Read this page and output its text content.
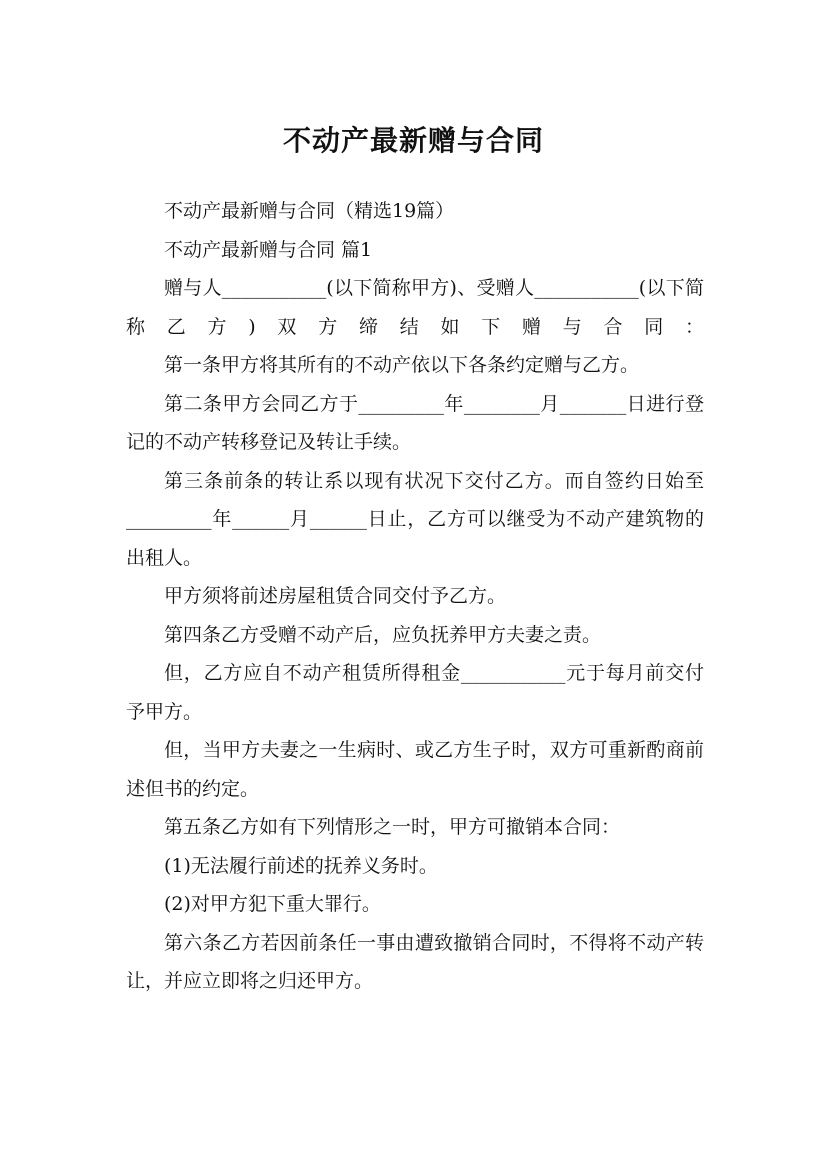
不动产最新赠与合同

不动产最新赠与合同（精选19篇）

不动产最新赠与合同 篇1

赠与人___________(以下简称甲方)、受赠人___________(以下简称乙方)双方缔结如下赠与合同：

第一条甲方将其所有的不动产依以下各条约定赠与乙方。

第二条甲方会同乙方于_________年________月_______日进行登记的不动产转移登记及转让手续。

第三条前条的转让系以现有状况下交付乙方。而自签约日始至_________年______月______日止，乙方可以继受为不动产建筑物的出租人。

甲方须将前述房屋租赁合同交付予乙方。

第四条乙方受赠不动产后，应负抚养甲方夫妻之责。

但，乙方应自不动产租赁所得租金___________元于每月前交付予甲方。

但，当甲方夫妻之一生病时、或乙方生子时，双方可重新酌商前述但书的约定。

第五条乙方如有下列情形之一时，甲方可撤销本合同：

(1)无法履行前述的抚养义务时。

(2)对甲方犯下重大罪行。

第六条乙方若因前条任一事由遭致撤销合同时，不得将不动产转让，并应立即将之归还甲方。
